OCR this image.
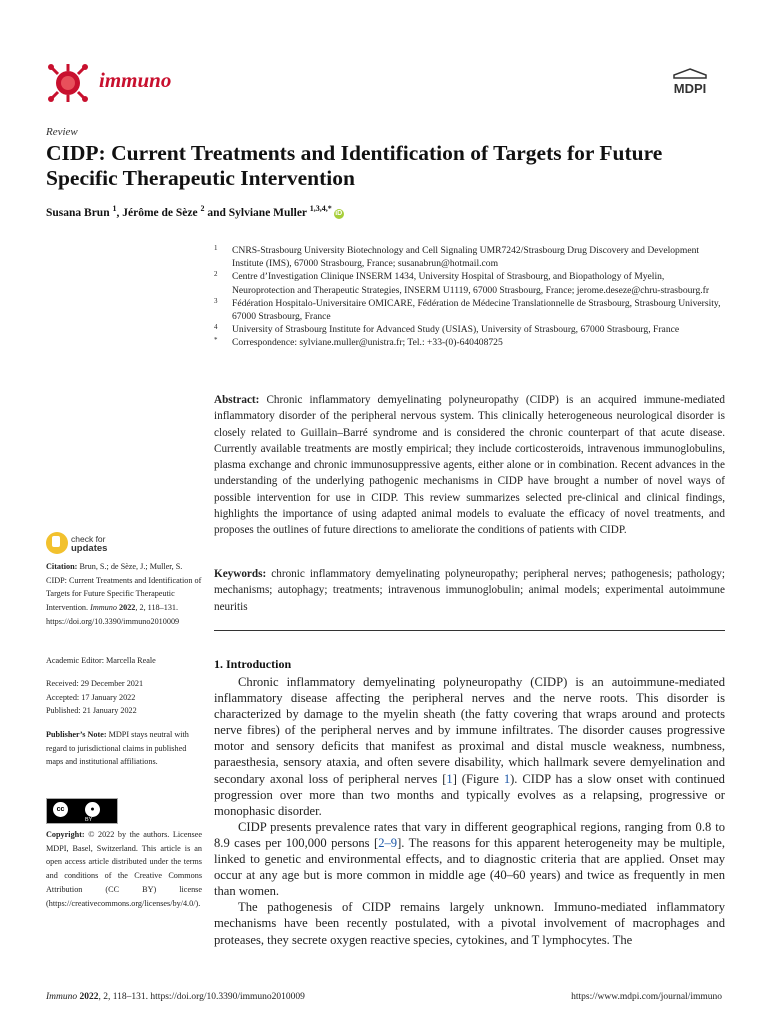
immuno	MDPI
Review
CIDP: Current Treatments and Identification of Targets for Future Specific Therapeutic Intervention
Susana Brun $^1$, Jérôme de Sèze $^2$ and Sylviane Muller $^{1,3,4,*}$iD
1 CNRS-Strasbourg University Biotechnology and Cell Signaling UMR7242/Strasbourg Drug Discovery and Development Institute (IMS), 67000 Strasbourg, France; susanabrun@hotmail.com
2 Centre d’Investigation Clinique INSERM 1434, University Hospital of Strasbourg, and Biopathology of Myelin, Neuroprotection and Therapeutic Strategies, INSERM U1119, 67000 Strasbourg, France; jerome.deseze@chru-strasbourg.fr
3 Fédération Hospitalo-Universitaire OMICARE, Fédération de Médecine Translationnelle de Strasbourg, Strasbourg University, 67000 Strasbourg, France
4 University of Strasbourg Institute for Advanced Study (USIAS), University of Strasbourg, 67000 Strasbourg, France
* Correspondence: sylviane.muller@unistra.fr; Tel.: +33-(0)-640408725
Abstract: Chronic inflammatory demyelinating polyneuropathy (CIDP) is an acquired immune-mediated inflammatory disorder of the peripheral nervous system. This clinically heterogeneous neurological disorder is closely related to Guillain–Barré syndrome and is considered the chronic counterpart of that acute disease. Currently available treatments are mostly empirical; they include corticosteroids, intravenous immunoglobulins, plasma exchange and chronic immunosuppressive agents, either alone or in combination. Recent advances in the understanding of the underlying pathogenic mechanisms in CIDP have brought a number of novel ways of possible intervention for use in CIDP. This review summarizes selected pre-clinical and clinical findings, highlights the importance of using adapted animal models to evaluate the efficacy of novel treatments, and proposes the outlines of future directions to ameliorate the conditions of patients with CIDP.
Keywords: chronic inflammatory demyelinating polyneuropathy; peripheral nerves; pathogenesis; pathology; mechanisms; autophagy; treatments; intravenous immunoglobulin; animal models; experimental autoimmune neuritis
1. Introduction

Chronic inflammatory demyelinating polyneuropathy (CIDP) is an autoimmune-mediated inflammatory disease affecting the peripheral nerves and the nerve roots. This disorder is characterized by damage to the myelin sheath (the fatty covering that wraps around and protects nerve fibres) of the peripheral nerves and by immune infiltrates. The disorder causes progressive motor and sensory deficits that manifest as proximal and distal muscle weakness, numbness, paraesthesia, sensory ataxia, and often severe disability, which hallmark severe demyelination and secondary axonal loss of peripheral nerves [1] (Figure 1). CIDP has a slow onset with continued progression over more than two months and typically evolves as a relapsing, progressive or monophasic disorder.

CIDP presents prevalence rates that vary in different geographical regions, ranging from 0.8 to 8.9 cases per 100,000 persons [2–9]. The reasons for this apparent heterogeneity may be multiple, linked to genetic and environmental effects, and to diagnostic criteria that are applied. Onset may occur at any age but is more common in middle age (40–60 years) and twice as frequently in men than women.

The pathogenesis of CIDP remains largely unknown. Immuno-mediated inflammatory mechanisms have been recently postulated, with a pivotal involvement of macrophages and proteases, they secrete oxygen reactive species, cytokines, and T lymphocytes. The

check for
updates
Citation: Brun, S.; de Sèze, J.; Muller, S. CIDP: Current Treatments and Identification of Targets for Future Specific Therapeutic Intervention. Immuno 2022, 2, 118–131. https://doi.org/10.3390/immuno2010009
Academic Editor: Marcella Reale
Received: 29 December 2021
Accepted: 17 January 2022
Published: 21 January 2022
Publisher’s Note: MDPI stays neutral with regard to jurisdictional claims in published maps and institutional affiliations.
cc	●
BY
Copyright: © 2022 by the authors. Licensee MDPI, Basel, Switzerland. This article is an open access article distributed under the terms and conditions of the Creative Commons Attribution (CC BY) license (https://creativecommons.org/licenses/by/4.0/).
Immuno 2022, 2, 118–131. https://doi.org/10.3390/immuno2010009	https://www.mdpi.com/journal/immuno
